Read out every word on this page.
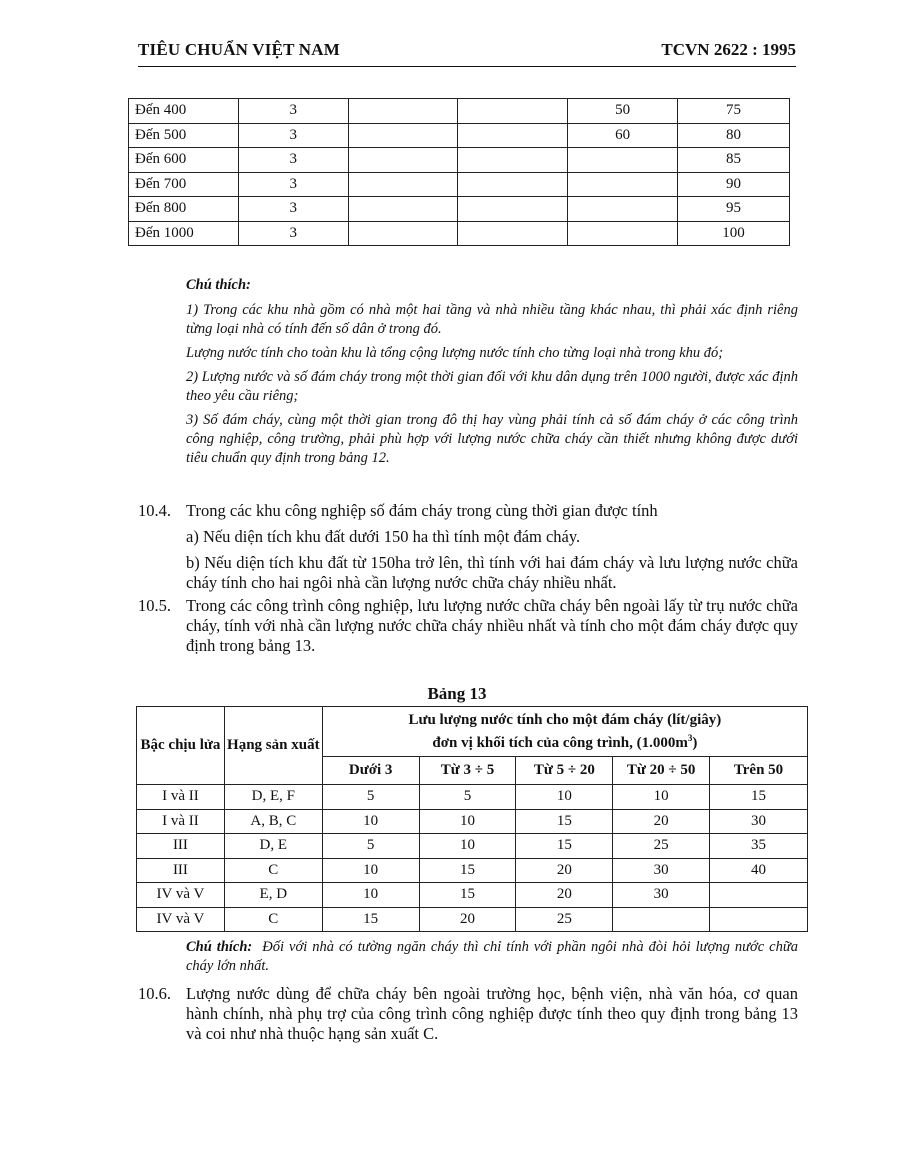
TIÊU CHUẨN VIỆT NAM	TCVN 2622 : 1995
Đến 400	3			50	75
Đến 500	3			60	80
Đến 600	3				85
Đến 700	3				90
Đến 800	3				95
Đến 1000	3				100
Chú thích:

1) Trong các khu nhà gồm có nhà một hai tầng và nhà nhiều tầng khác nhau, thì phải xác định riêng từng loại nhà có tính đến số dân ở trong đó.

Lượng nước tính cho toàn khu là tổng cộng lượng nước tính cho từng loại nhà trong khu đó;

2) Lượng nước và số đám cháy trong một thời gian đối với khu dân dụng trên 1000 người, được xác định theo yêu cầu riêng;

3) Số đám cháy, cùng một thời gian trong đô thị hay vùng phải tính cả số đám cháy ở các công trình công nghiệp, công trường, phải phù hợp với lượng nước chữa cháy cần thiết nhưng không được dưới tiêu chuẩn quy định trong bảng 12.

10.4. Trong các khu công nghiệp số đám cháy trong cùng thời gian được tính
a) Nếu diện tích khu đất dưới 150 ha thì tính một đám cháy.
b) Nếu diện tích khu đất từ 150ha trở lên, thì tính với hai đám cháy và lưu lượng nước chữa cháy tính cho hai ngôi nhà cần lượng nước chữa cháy nhiều nhất.
10.5. Trong các công trình công nghiệp, lưu lượng nước chữa cháy bên ngoài lấy từ trụ nước chữa cháy, tính với nhà cần lượng nước chữa cháy nhiều nhất và tính cho một đám cháy được quy định trong bảng 13.
Bảng 13
Bậc chịu lửa	Hạng sản xuất	Lưu lượng nước tính cho một đám cháy (lít/giây)
đơn vị khối tích của công trình, $(1.000m^3)$				

		Dưới 3	Từ 3 ÷ 5	Từ 5 ÷ 20	Từ 20 ÷ 50	Trên 50
I và II	D, E, F	5	5	10	10	15
I và II	A, B, C	10	10	15	20	30
III	D, E	5	10	15	25	35
III	C	10	15	20	30	40
IV và V	E, D	10	15	20	30	
IV và V	C	15	20	25		
Chú thích: Đối với nhà có tường ngăn cháy thì chỉ tính với phần ngôi nhà đòi hỏi lượng nước chữa cháy lớn nhất.
10.6. Lượng nước dùng để chữa cháy bên ngoài trường học, bệnh viện, nhà văn hóa, cơ quan hành chính, nhà phụ trợ của công trình công nghiệp được tính theo quy định trong bảng 13 và coi như nhà thuộc hạng sản xuất C.
